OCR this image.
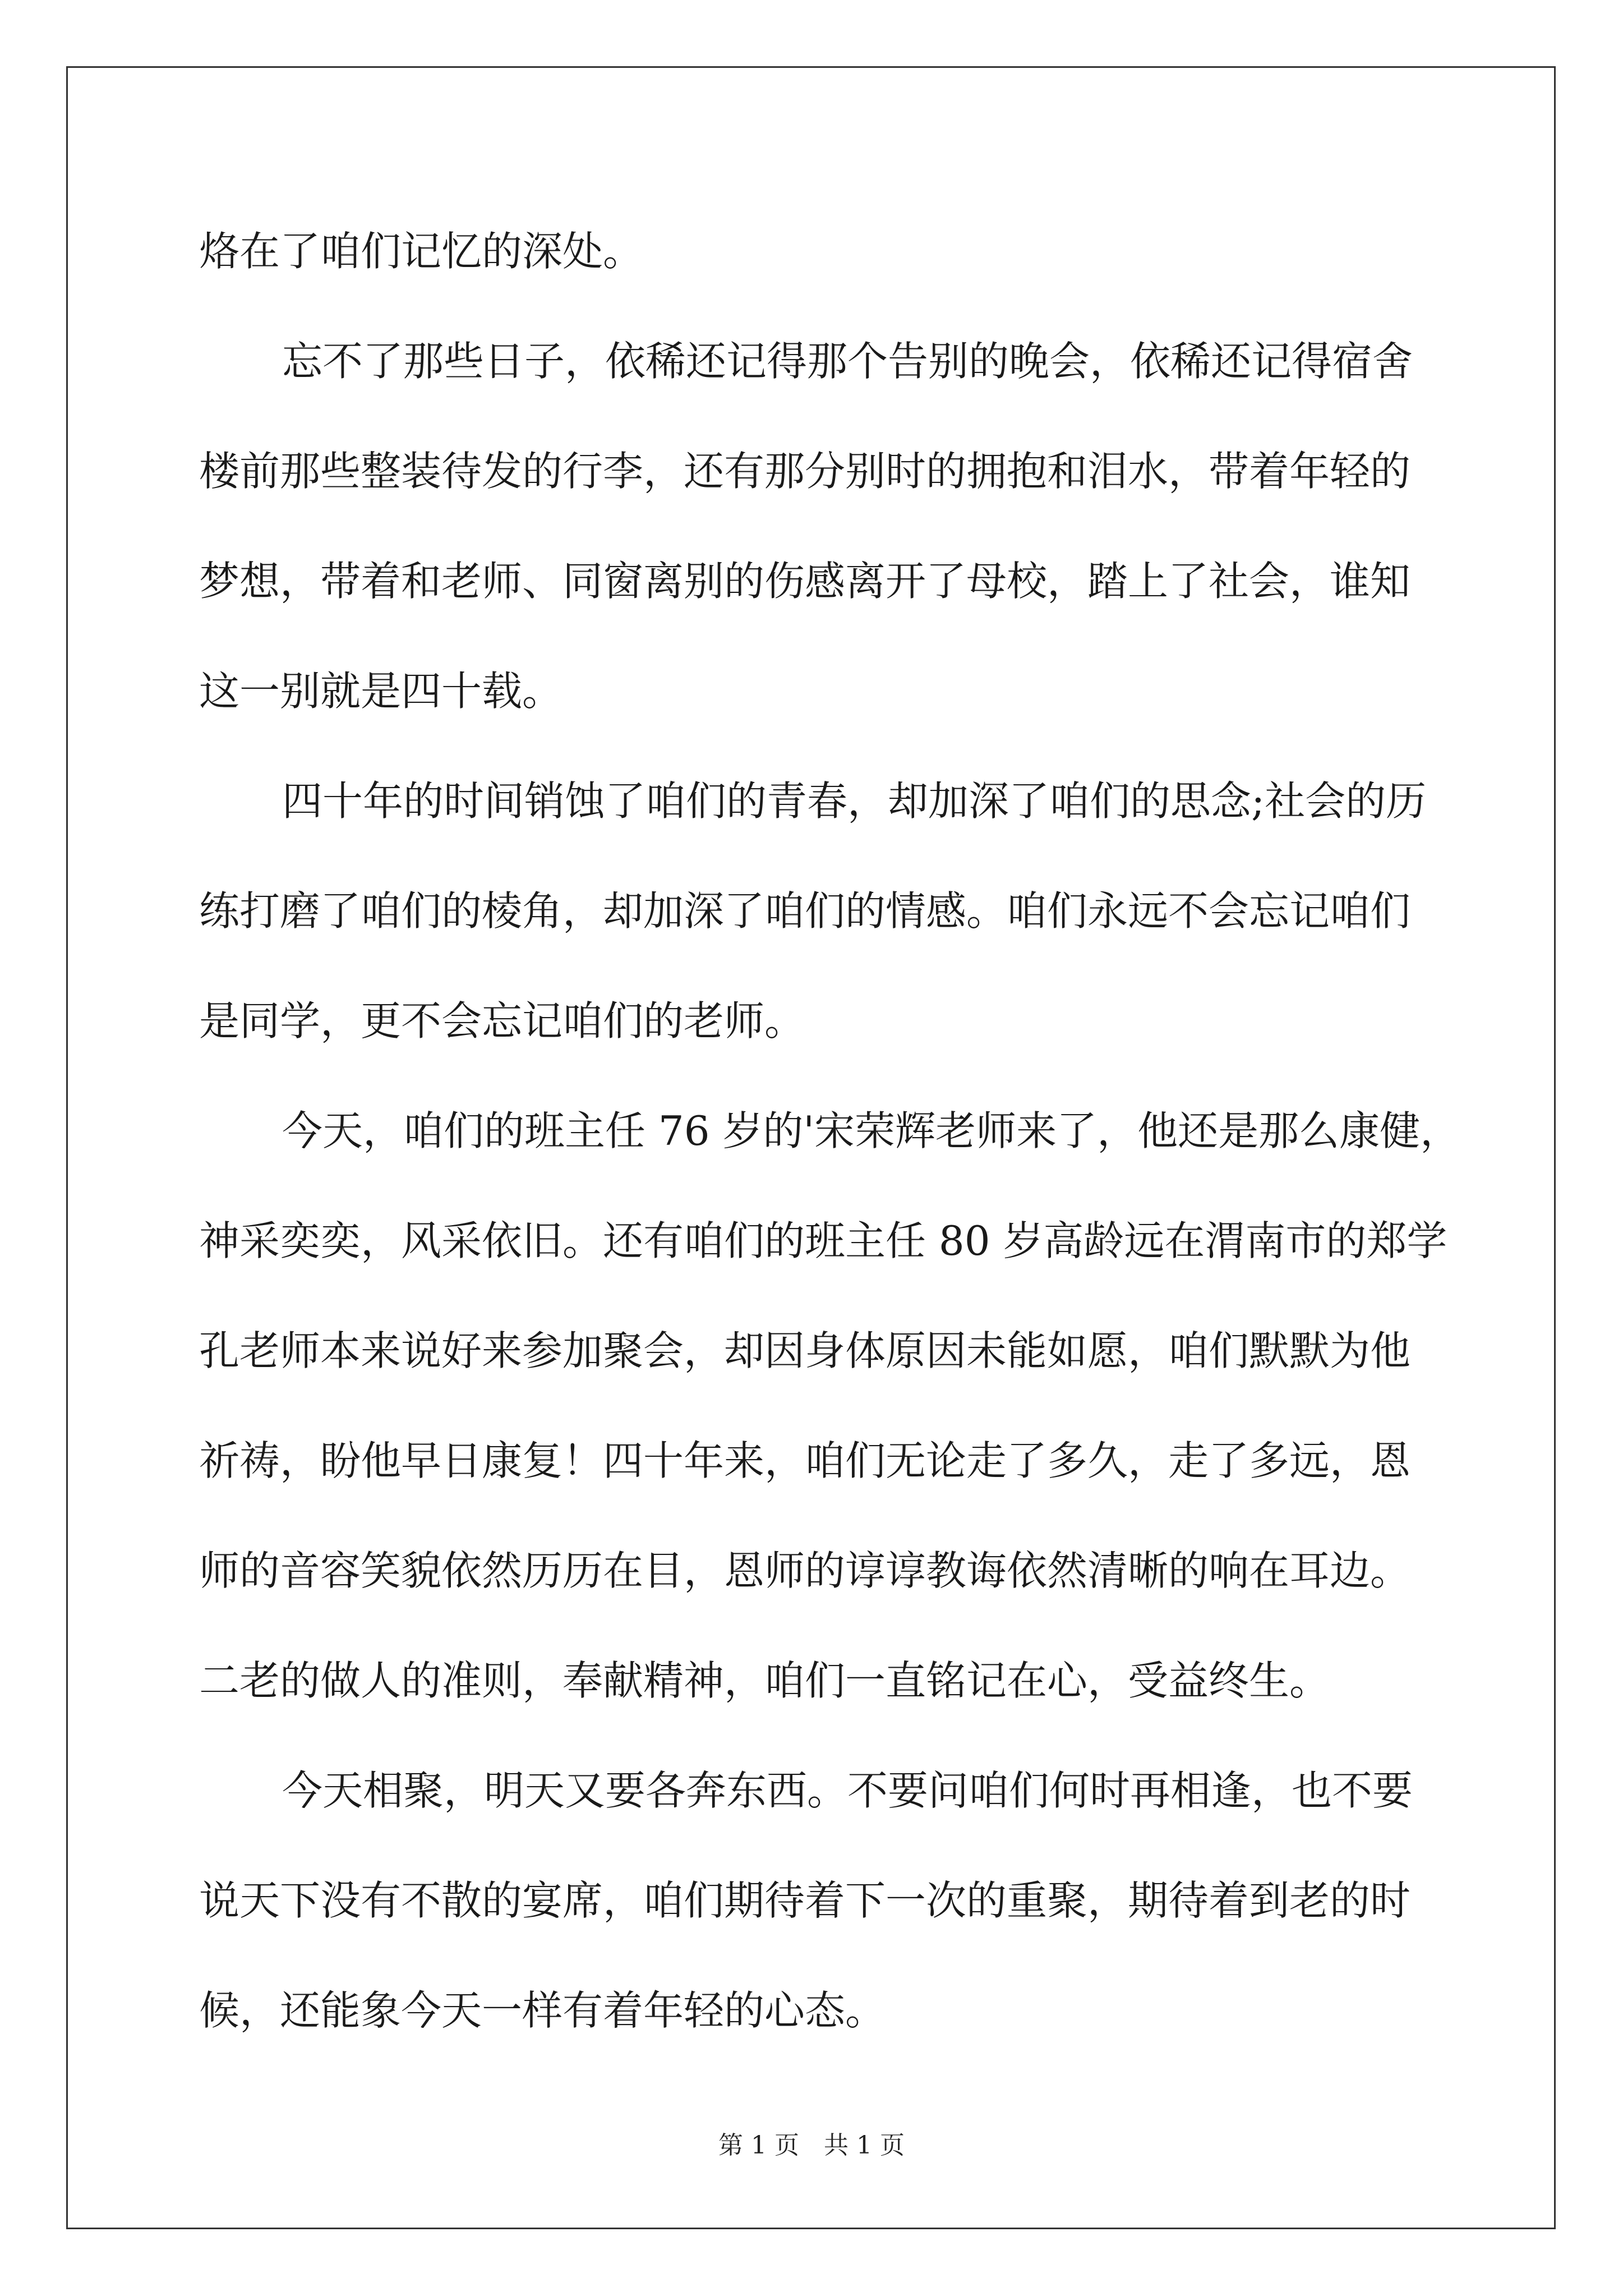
烙在了咱们记忆的深处。
忘不了那些日子，依稀还记得那个告别的晚会，依稀还记得宿舍
楼前那些整装待发的行李，还有那分别时的拥抱和泪水，带着年轻的
梦想，带着和老师、同窗离别的伤感离开了母校，踏上了社会，谁知
这一别就是四十载。
四十年的时间销蚀了咱们的青春，却加深了咱们的思念;社会的历
练打磨了咱们的棱角，却加深了咱们的情感。咱们永远不会忘记咱们
是同学，更不会忘记咱们的老师。
今天，咱们的班主任 76 岁的'宋荣辉老师来了，他还是那么康健，
神采奕奕，风采依旧。还有咱们的班主任 80 岁高龄远在渭南市的郑学
孔老师本来说好来参加聚会，却因身体原因未能如愿，咱们默默为他
祈祷，盼他早日康复！四十年来，咱们无论走了多久，走了多远，恩
师的音容笑貌依然历历在目，恩师的谆谆教诲依然清晰的响在耳边。
二老的做人的准则，奉献精神，咱们一直铭记在心，受益终生。
今天相聚，明天又要各奔东西。不要问咱们何时再相逢，也不要
说天下没有不散的宴席，咱们期待着下一次的重聚，期待着到老的时
候，还能象今天一样有着年轻的心态。
第 1 页　共 1 页
